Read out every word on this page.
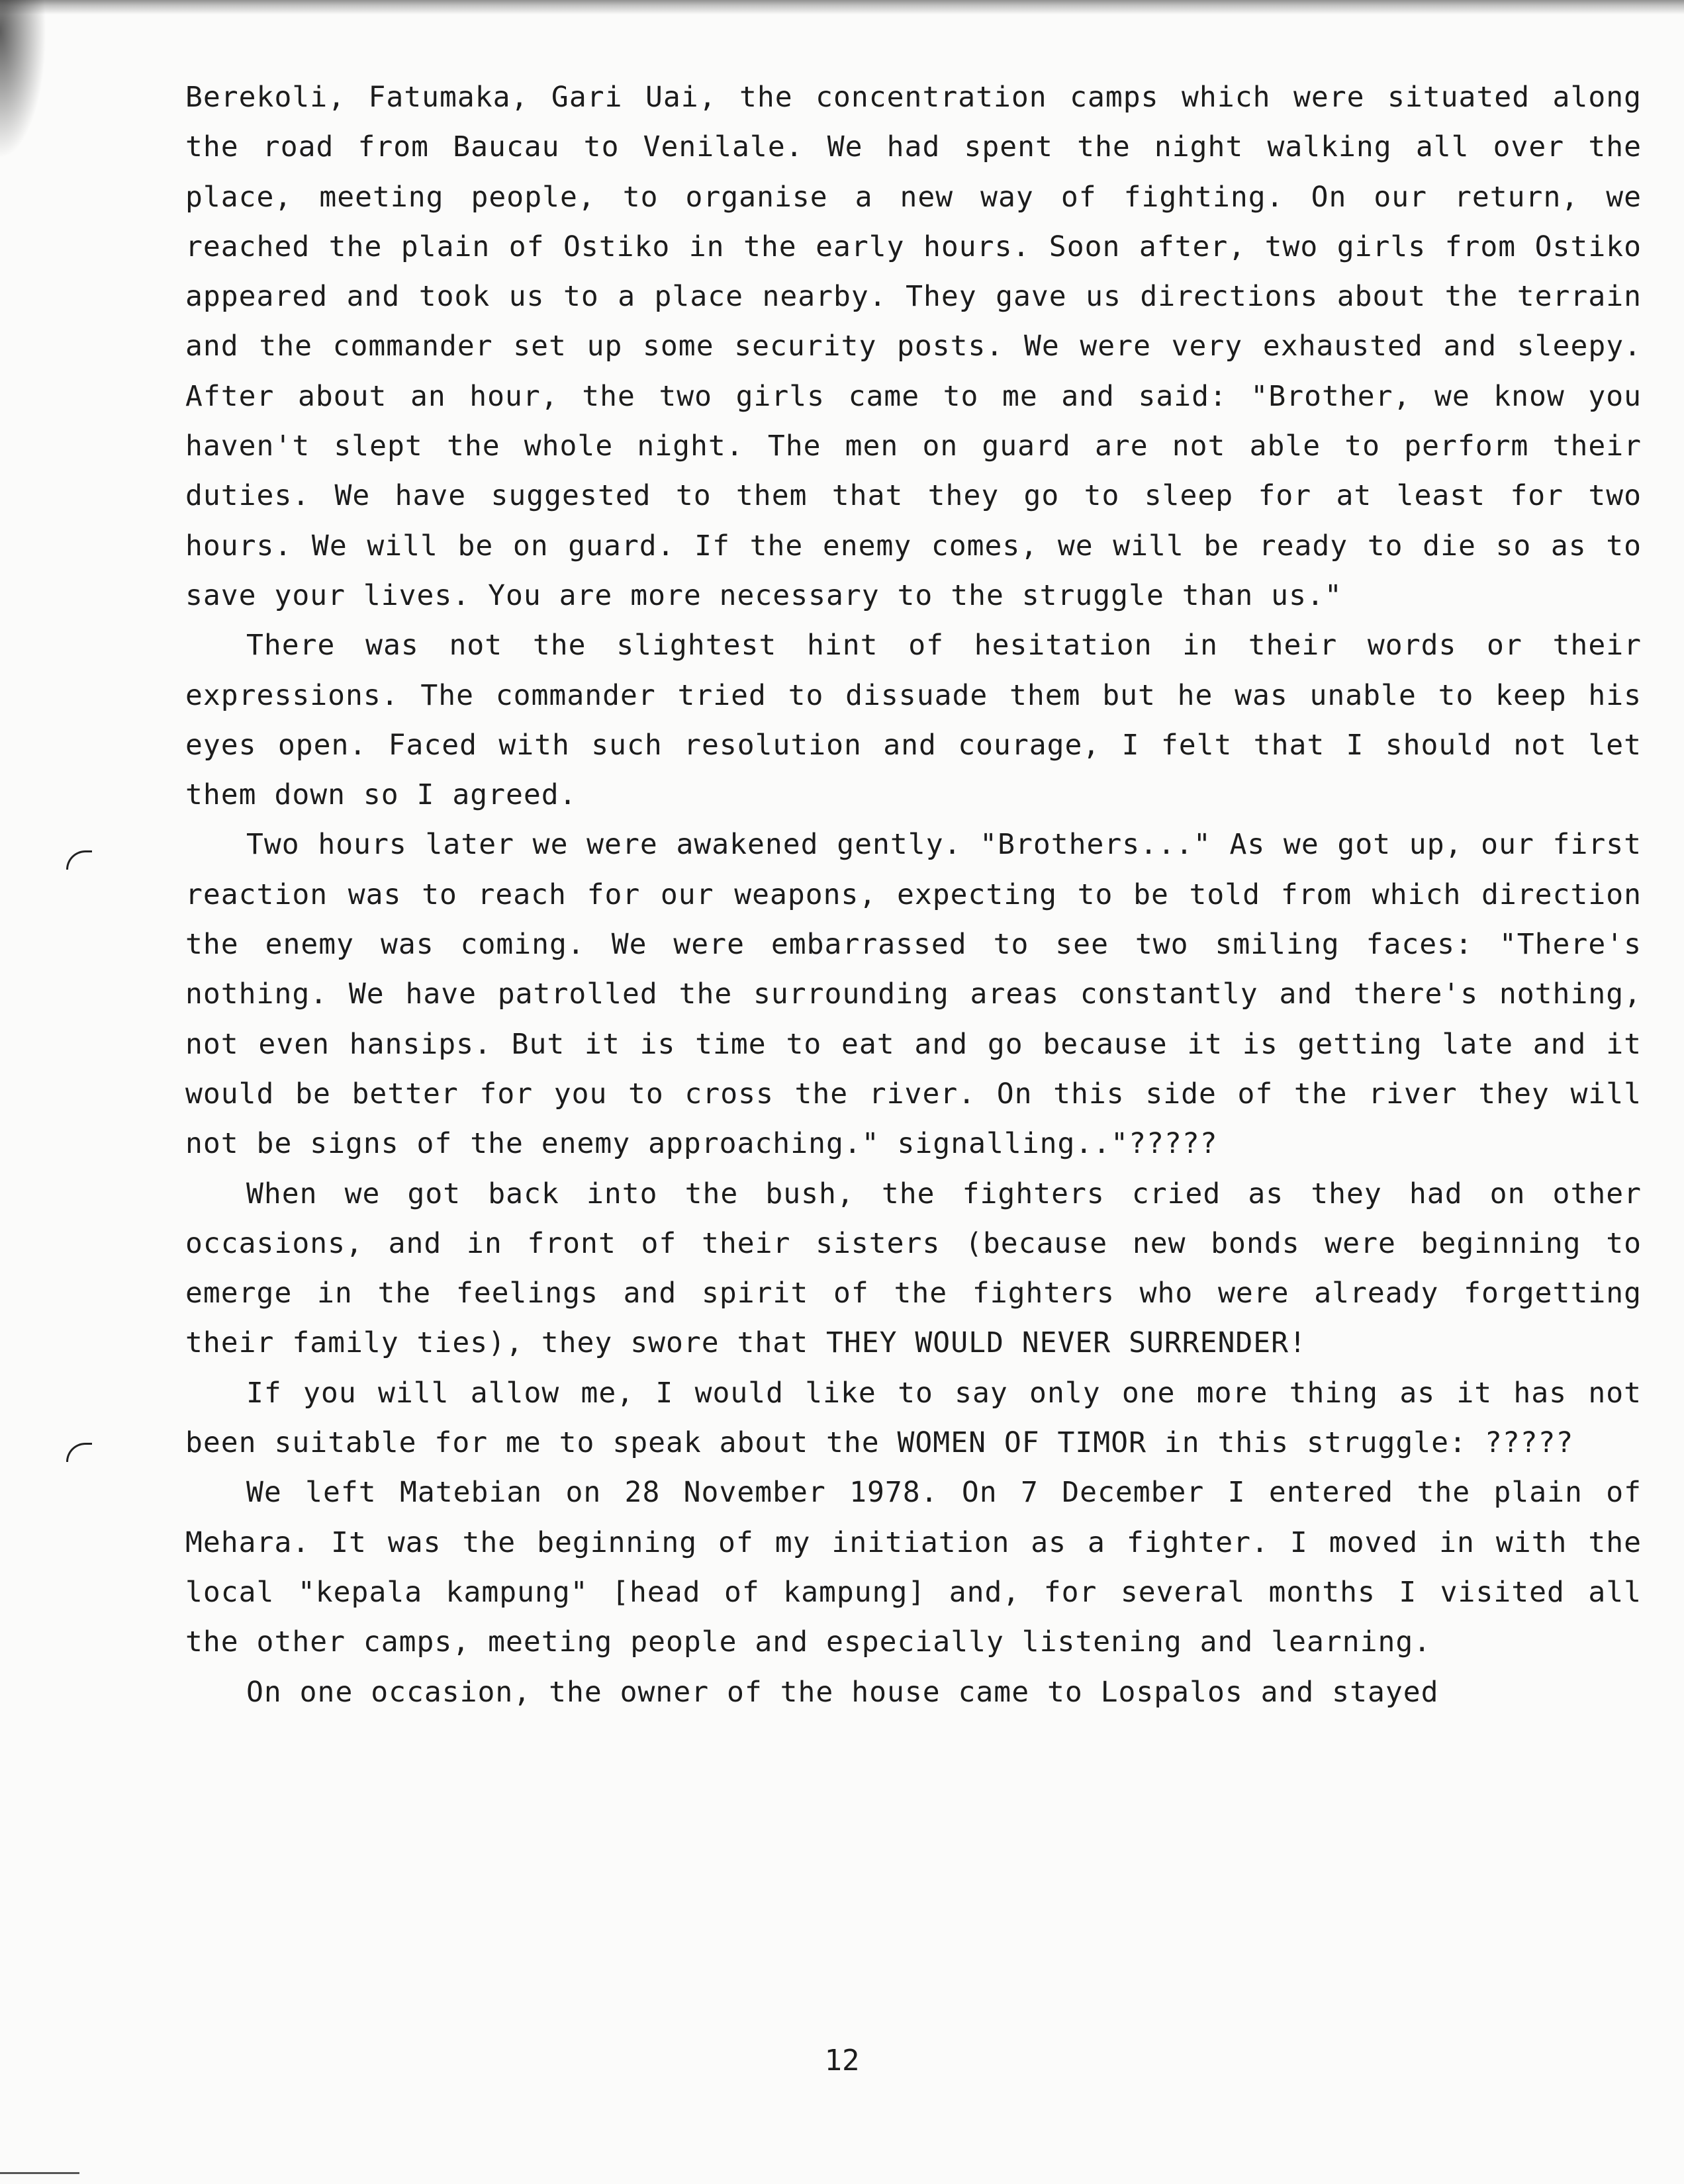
Berekoli, Fatumaka, Gari Uai, the concentration camps which were situated along the road from Baucau to Venilale. We had spent the night walking all over the place, meeting people, to organise a new way of fighting. On our return, we reached the plain of Ostiko in the early hours. Soon after, two girls from Ostiko appeared and took us to a place nearby. They gave us directions about the terrain and the commander set up some security posts. We were very exhausted and sleepy. After about an hour, the two girls came to me and said: "Brother, we know you haven't slept the whole night. The men on guard are not able to perform their duties. We have suggested to them that they go to sleep for at least for two hours. We will be on guard. If the enemy comes, we will be ready to die so as to save your lives. You are more necessary to the struggle than us."

There was not the slightest hint of hesitation in their words or their expressions. The commander tried to dissuade them but he was unable to keep his eyes open. Faced with such resolution and courage, I felt that I should not let them down so I agreed.

Two hours later we were awakened gently. "Brothers..." As we got up, our first reaction was to reach for our weapons, expecting to be told from which direction the enemy was coming. We were embarrassed to see two smiling faces: "There's nothing. We have patrolled the surrounding areas constantly and there's nothing, not even hansips. But it is time to eat and go because it is getting late and it would be better for you to cross the river. On this side of the river they will not be signs of the enemy approaching." signalling.."?????

When we got back into the bush, the fighters cried as they had on other occasions, and in front of their sisters (because new bonds were beginning to emerge in the feelings and spirit of the fighters who were already forgetting their family ties), they swore that THEY WOULD NEVER SURRENDER!

If you will allow me, I would like to say only one more thing as it has not been suitable for me to speak about the WOMEN OF TIMOR in this struggle: ?????

We left Matebian on 28 November 1978. On 7 December I entered the plain of Mehara. It was the beginning of my initiation as a fighter. I moved in with the local "kepala kampung" [head of kampung] and, for several months I visited all the other camps, meeting people and especially listening and learning.

On one occasion, the owner of the house came to Lospalos and stayed

12
